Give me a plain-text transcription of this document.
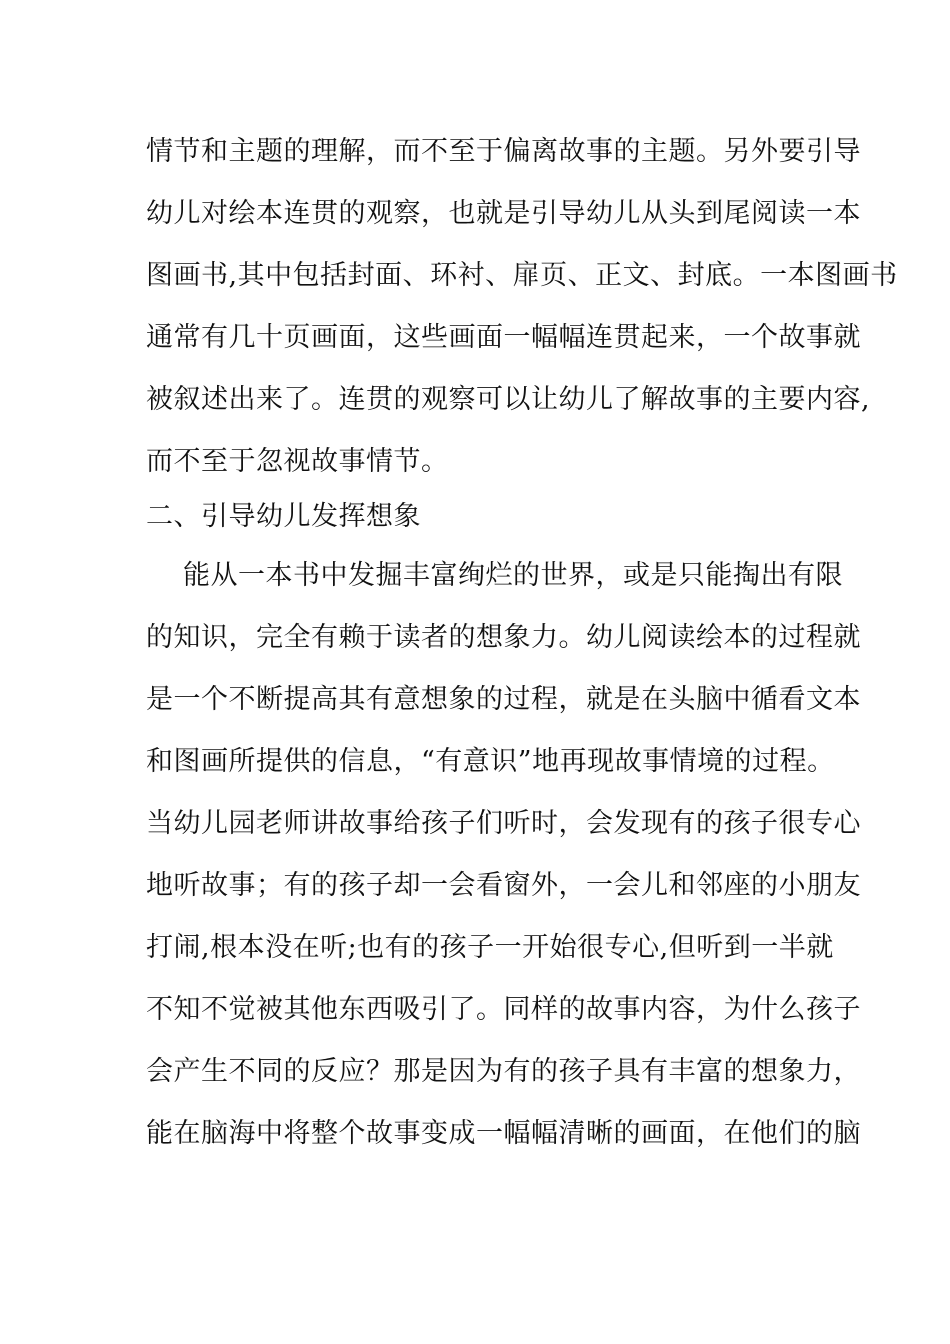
情节和主题的理解，而不至于偏离故事的主题。另外要引导
幼儿对绘本连贯的观察，也就是引导幼儿从头到尾阅读一本
图画书,其中包括封面、环衬、扉页、正文、封底。一本图画书
通常有几十页画面，这些画面一幅幅连贯起来，一个故事就
被叙述出来了。连贯的观察可以让幼儿了解故事的主要内容,
而不至于忽视故事情节。
二、引导幼儿发挥想象
能从一本书中发掘丰富绚烂的世界，或是只能掏出有限
的知识，完全有赖于读者的想象力。幼儿阅读绘本的过程就
是一个不断提高其有意想象的过程，就是在头脑中循看文本
和图画所提供的信息，“有意识”地再现故事情境的过程。
当幼儿园老师讲故事给孩子们听时，会发现有的孩子很专心
地听故事；有的孩子却一会看窗外，一会儿和邻座的小朋友
打闹,根本没在听;也有的孩子一开始很专心,但听到一半就
不知不觉被其他东西吸引了。同样的故事内容，为什么孩子
会产生不同的反应？那是因为有的孩子具有丰富的想象力，
能在脑海中将整个故事变成一幅幅清晰的画面，在他们的脑
